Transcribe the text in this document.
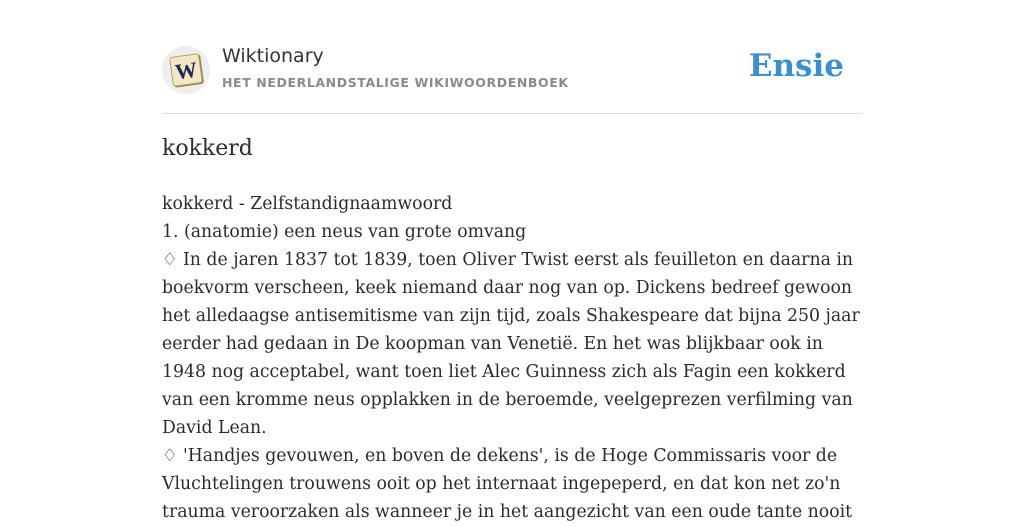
W
Wiktionary
HET NEDERLANDSTALIGE WIKIWOORDENBOEK	Ensie
kokkerd

kokkerd - Zelfstandignaamwoord

1. (anatomie) een neus van grote omvang

♢ In de jaren 1837 tot 1839, toen Oliver Twist eerst als feuilleton en daarna in boekvorm verscheen, keek niemand daar nog van op. Dickens bedreef gewoon het alledaagse antisemitisme van zijn tijd, zoals Shakespeare dat bijna 250 jaar eerder had gedaan in De koopman van Venetië. En het was blijkbaar ook in 1948 nog acceptabel, want toen liet Alec Guinness zich als Fagin een kokkerd van een kromme neus opplakken in de beroemde, veelgeprezen verfilming van David Lean.

♢ 'Handjes gevouwen, en boven de dekens', is de Hoge Commissaris voor de Vluchtelingen trouwens ooit op het internaat ingepeperd, en dat kon net zo'n trauma veroorzaken als wanneer je in het aangezicht van een oude tante nooit
